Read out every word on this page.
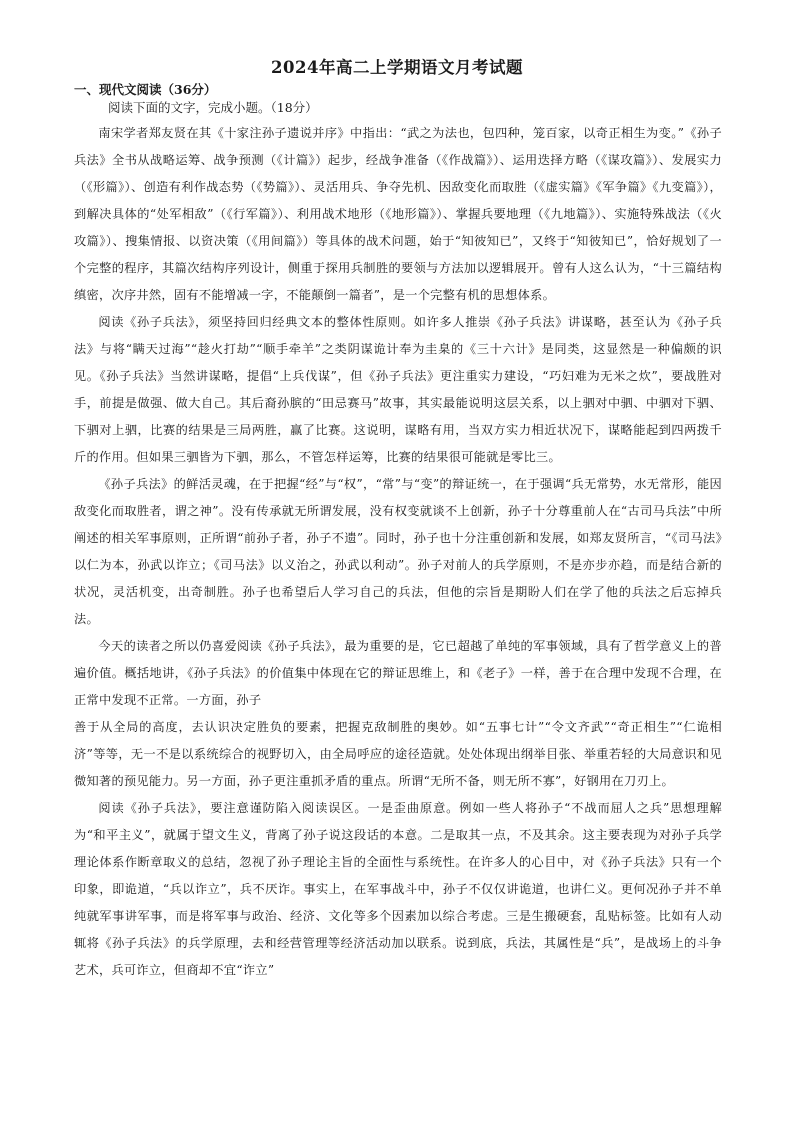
2024年高二上学期语文月考试题
一、现代文阅读（36分）
阅读下面的文字，完成小题。（18分）

南宋学者郑友贤在其《十家注孙子遗说并序》中指出：“武之为法也，包四种，笼百家，以奇正相生为变。”《孙子兵法》全书从战略运筹、战争预测（《计篇》）起步，经战争准备（《作战篇》）、运用迭择方略（《谋攻篇》）、发展实力（《形篇》）、创造有利作战态势（《势篇》）、灵活用兵、争夺先机、因敌变化而取胜（《虚实篇》《军争篇》《九变篇》），到解决具体的“处军相敌”（《行军篇》）、利用战术地形（《地形篇》）、掌握兵要地理（《九地篇》）、实施特殊战法（《火攻篇》）、搜集情报、以资决策（《用间篇》）等具体的战术问题，始于“知彼知已”，又终于“知彼知已”，恰好规划了一个完整的程序，其篇次结构序列设计，侧重于探用兵制胜的要领与方法加以逻辑展开。曾有人这么认为，“十三篇结构缜密，次序井然，固有不能增减一字，不能颠倒一篇者”，是一个完整有机的思想体系。

阅读《孙子兵法》，须坚持回归经典文本的整体性原则。如许多人推崇《孙子兵法》讲谋略，甚至认为《孙子兵法》与将“瞒天过海”“趁火打劫”“顺手牵羊”之类阴谋诡计奉为圭臬的《三十六计》是同类，这显然是一种偏颇的识见。《孙子兵法》当然讲谋略，提倡“上兵伐谋”，但《孙子兵法》更注重实力建设，“巧妇难为无米之炊”，要战胜对手，前提是做强、做大自己。其后裔孙膑的“田忌赛马”故事，其实最能说明这层关系，以上驷对中驷、中驷对下驷、下驷对上驷，比赛的结果是三局两胜，赢了比赛。这说明，谋略有用，当双方实力相近状况下，谋略能起到四两拨千斤的作用。但如果三驷皆为下驷，那么，不管怎样运筹，比赛的结果很可能就是零比三。

《孙子兵法》的鲜活灵魂，在于把握“经”与“权”，“常”与“变”的辩证统一，在于强调“兵无常势，水无常形，能因敌变化而取胜者，谓之神”。没有传承就无所谓发展，没有权变就谈不上创新，孙子十分尊重前人在“古司马兵法”中所阐述的相关军事原则，正所谓“前孙子者，孙子不遗”。同时，孙子也十分注重创新和发展，如郑友贤所言，“《司马法》以仁为本，孙武以诈立；《司马法》以义治之，孙武以利动”。孙子对前人的兵学原则，不是亦步亦趋，而是结合新的状况，灵活机变，出奇制胜。孙子也希望后人学习自己的兵法，但他的宗旨是期盼人们在学了他的兵法之后忘掉兵法。

今天的读者之所以仍喜爱阅读《孙子兵法》，最为重要的是，它已超越了单纯的军事领域，具有了哲学意义上的普遍价值。概括地讲，《孙子兵法》的价值集中体现在它的辩证思维上，和《老子》一样，善于在合理中发现不合理，在正常中发现不正常。一方面，孙子

善于从全局的高度，去认识决定胜负的要素，把握克敌制胜的奥妙。如“五事七计”“令文齐武”“奇正相生”“仁诡相济”等等，无一不是以系统综合的视野切入，由全局呼应的途径造就。处处体现出纲举目张、举重若轻的大局意识和见微知著的预见能力。另一方面，孙子更注重抓矛盾的重点。所谓“无所不备，则无所不寡”，好钢用在刀刃上。

阅读《孙子兵法》，要注意谨防陷入阅读误区。一是歪曲原意。例如一些人将孙子“不战而屈人之兵”思想理解为“和平主义”，就属于望文生义，背离了孙子说这段话的本意。二是取其一点，不及其余。这主要表现为对孙子兵学理论体系作断章取义的总结，忽视了孙子理论主旨的全面性与系统性。在许多人的心目中，对《孙子兵法》只有一个印象，即诡道，“兵以诈立”，兵不厌诈。事实上，在军事战斗中，孙子不仅仅讲诡道，也讲仁义。更何况孙子并不单纯就军事讲军事，而是将军事与政治、经济、文化等多个因素加以综合考虑。三是生搬硬套，乱贴标签。比如有人动辄将《孙子兵法》的兵学原理，去和经营管理等经济活动加以联系。说到底，兵法，其属性是“兵”，是战场上的斗争艺术，兵可诈立，但商却不宜“诈立”
